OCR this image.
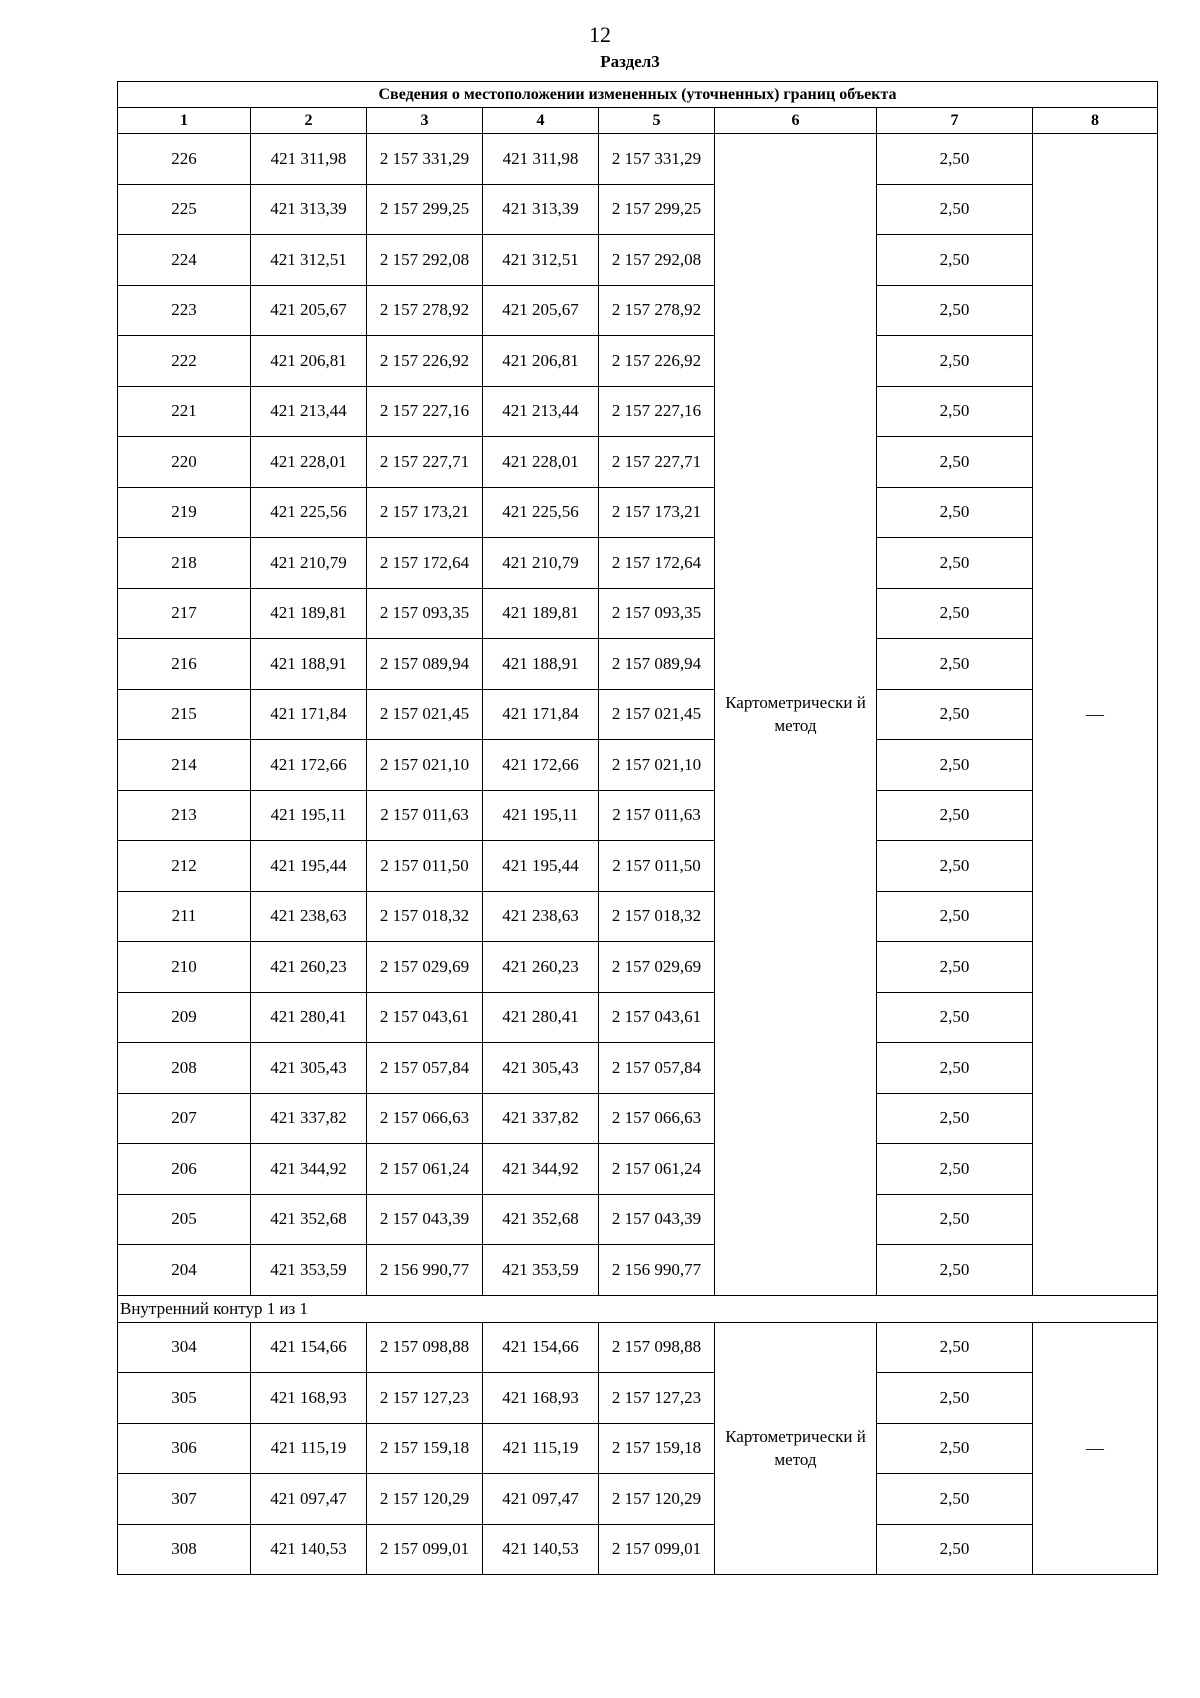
12
Раздел3
Сведения о местоположении измененных (уточненных) границ объекта							
1	2	3	4	5	6	7	8
226	421 311,98	2 157 331,29	421 311,98	2 157 331,29	Картометрически й метод	2,50	—
225	421 313,39	2 157 299,25	421 313,39	2 157 299,25		2,50	
224	421 312,51	2 157 292,08	421 312,51	2 157 292,08		2,50	
223	421 205,67	2 157 278,92	421 205,67	2 157 278,92		2,50	
222	421 206,81	2 157 226,92	421 206,81	2 157 226,92		2,50	
221	421 213,44	2 157 227,16	421 213,44	2 157 227,16		2,50	
220	421 228,01	2 157 227,71	421 228,01	2 157 227,71		2,50	
219	421 225,56	2 157 173,21	421 225,56	2 157 173,21		2,50	
218	421 210,79	2 157 172,64	421 210,79	2 157 172,64		2,50	
217	421 189,81	2 157 093,35	421 189,81	2 157 093,35		2,50	
216	421 188,91	2 157 089,94	421 188,91	2 157 089,94		2,50	
215	421 171,84	2 157 021,45	421 171,84	2 157 021,45		2,50	
214	421 172,66	2 157 021,10	421 172,66	2 157 021,10		2,50	
213	421 195,11	2 157 011,63	421 195,11	2 157 011,63		2,50	
212	421 195,44	2 157 011,50	421 195,44	2 157 011,50		2,50	
211	421 238,63	2 157 018,32	421 238,63	2 157 018,32		2,50	
210	421 260,23	2 157 029,69	421 260,23	2 157 029,69		2,50	
209	421 280,41	2 157 043,61	421 280,41	2 157 043,61		2,50	
208	421 305,43	2 157 057,84	421 305,43	2 157 057,84		2,50	
207	421 337,82	2 157 066,63	421 337,82	2 157 066,63		2,50	
206	421 344,92	2 157 061,24	421 344,92	2 157 061,24		2,50	
205	421 352,68	2 157 043,39	421 352,68	2 157 043,39		2,50	
204	421 353,59	2 156 990,77	421 353,59	2 156 990,77		2,50	
Внутренний контур 1 из 1							
304	421 154,66	2 157 098,88	421 154,66	2 157 098,88	Картометрически й метод	2,50	—
305	421 168,93	2 157 127,23	421 168,93	2 157 127,23		2,50	
306	421 115,19	2 157 159,18	421 115,19	2 157 159,18		2,50	
307	421 097,47	2 157 120,29	421 097,47	2 157 120,29		2,50	
308	421 140,53	2 157 099,01	421 140,53	2 157 099,01		2,50	
